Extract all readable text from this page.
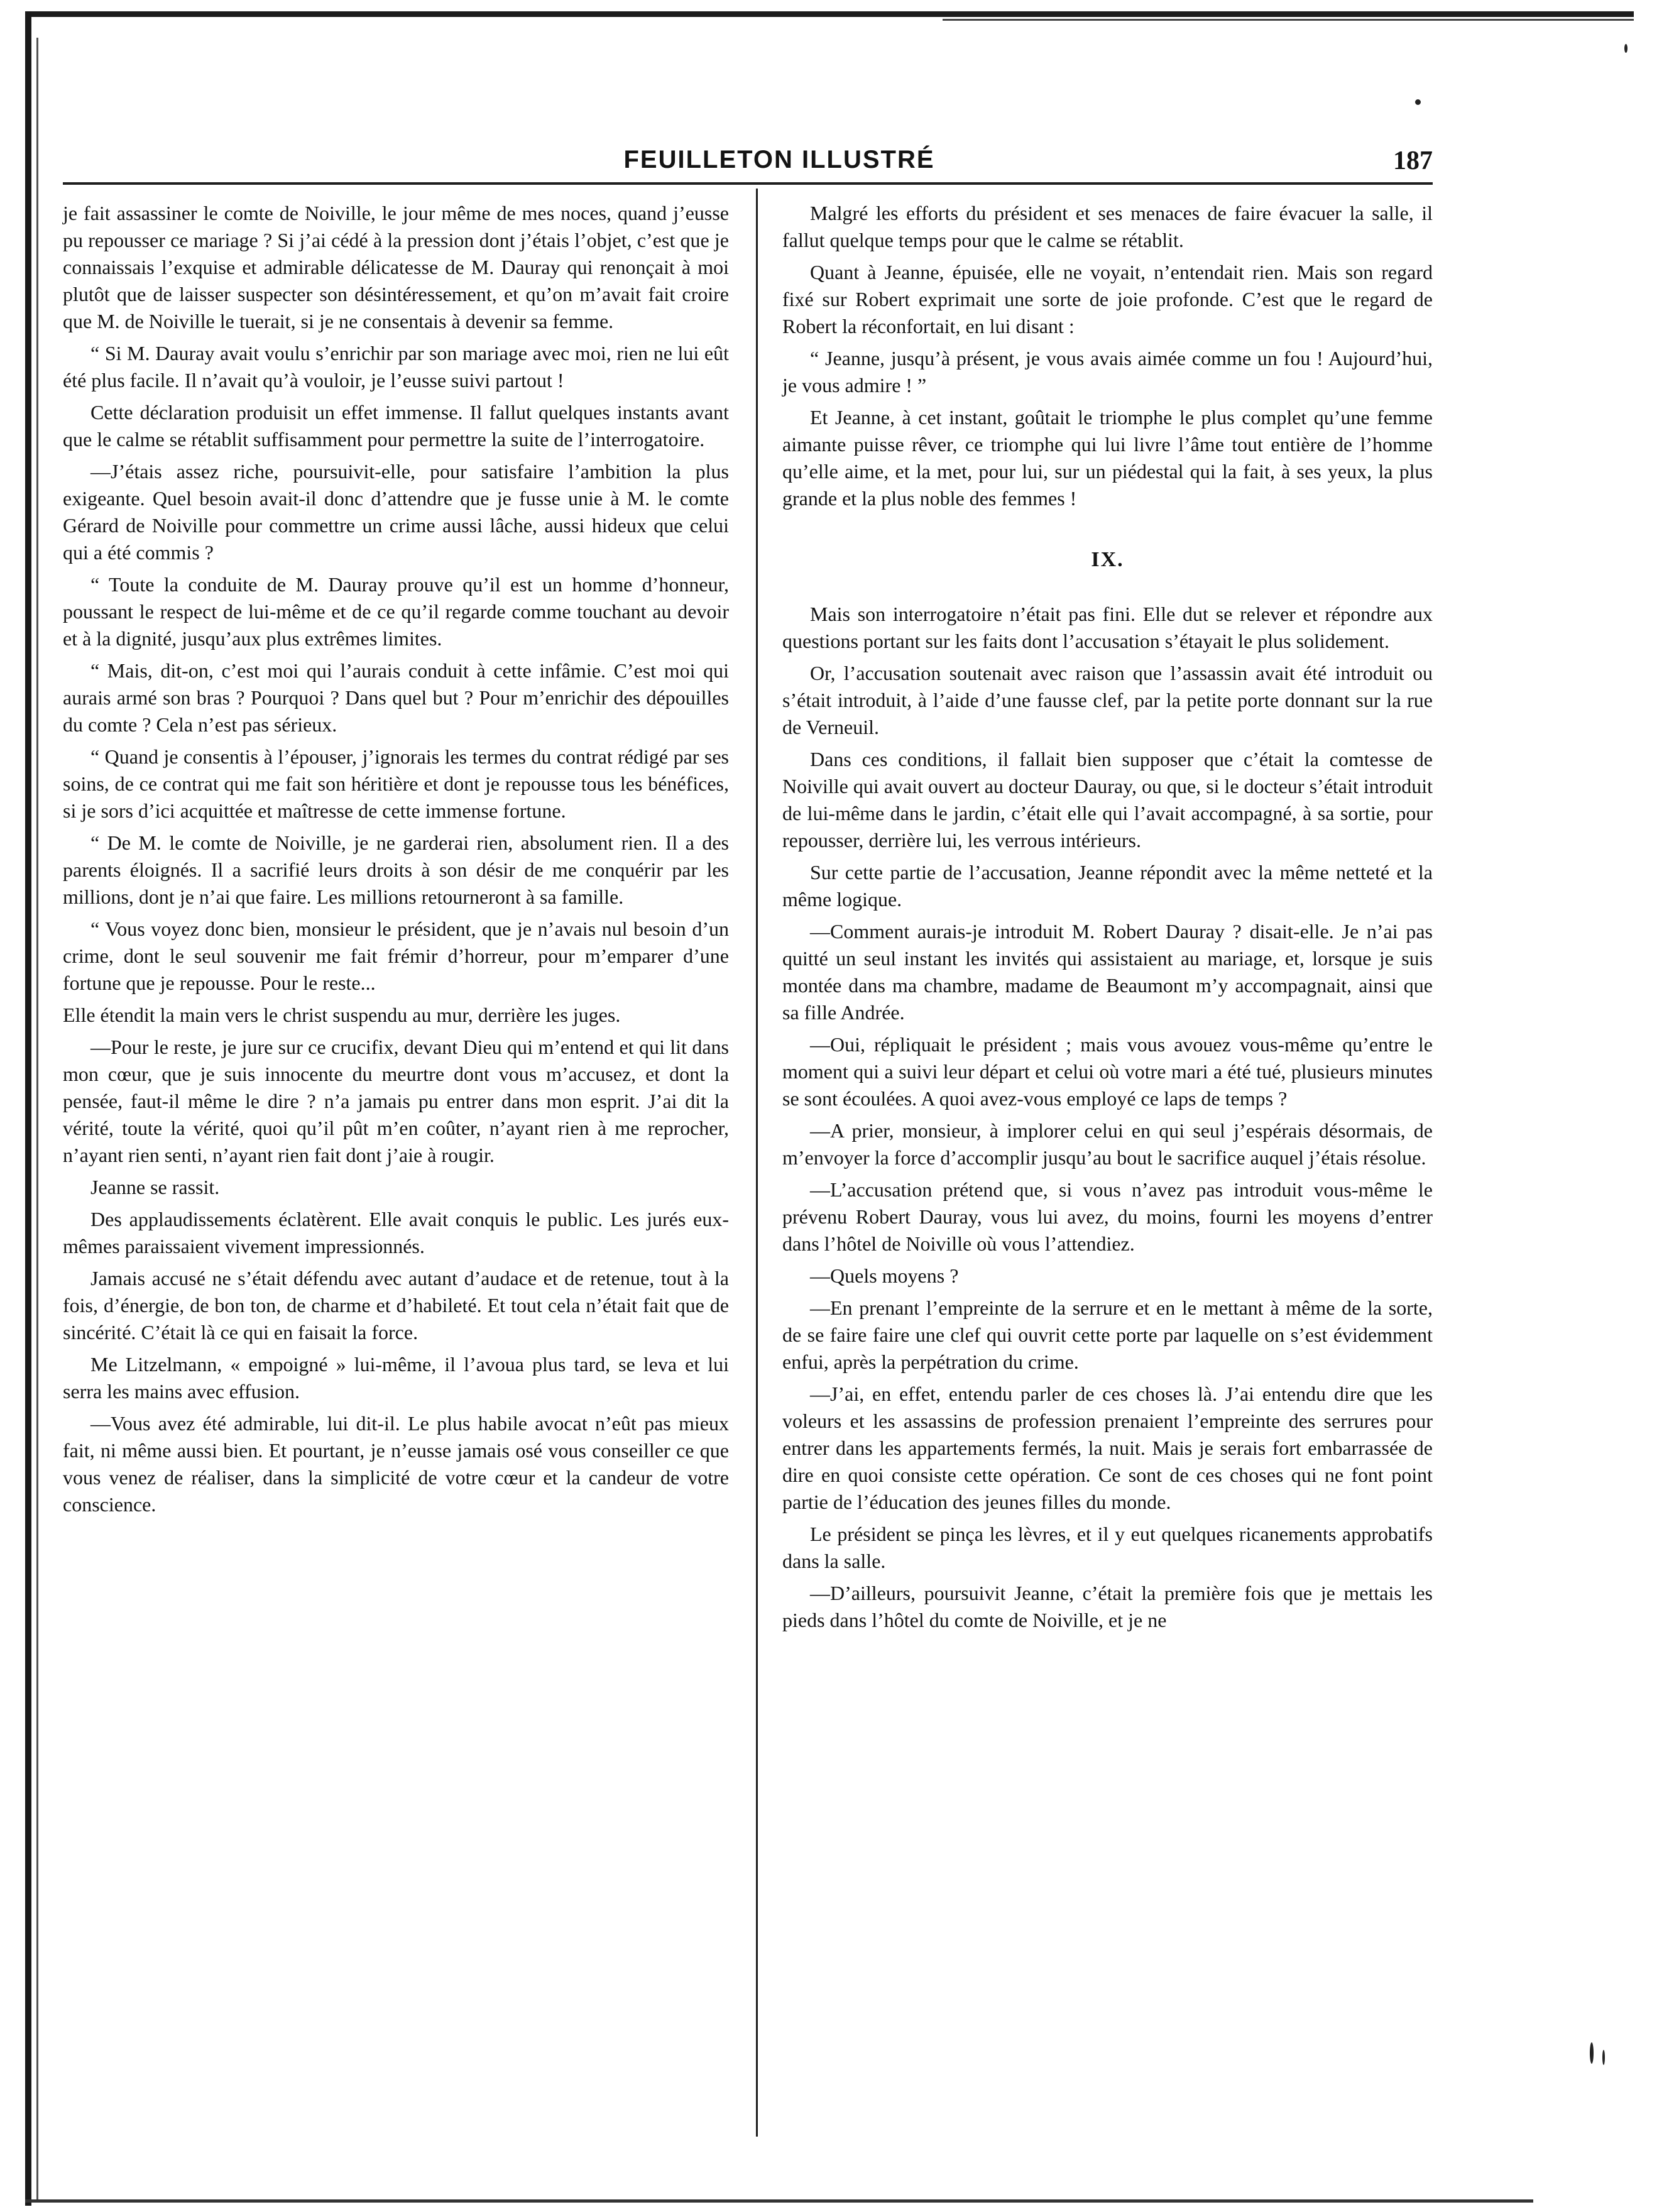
FEUILLETON ILLUSTRÉ	187

je fait assassiner le comte de Noiville, le jour même de mes noces, quand j’eusse pu repousser ce mariage ? Si j’ai cédé à la pression dont j’étais l’objet, c’est que je connaissais l’exquise et admirable délicatesse de M. Dauray qui renonçait à moi plutôt que de laisser suspecter son désintéressement, et qu’on m’avait fait croire que M. de Noiville le tuerait, si je ne consentais à devenir sa femme.

“ Si M. Dauray avait voulu s’enrichir par son mariage avec moi, rien ne lui eût été plus facile. Il n’avait qu’à vouloir, je l’eusse suivi partout !

Cette déclaration produisit un effet immense. Il fallut quelques instants avant que le calme se rétablit suffisamment pour permettre la suite de l’interrogatoire.

—J’étais assez riche, poursuivit-elle, pour satisfaire l’ambition la plus exigeante. Quel besoin avait-il donc d’attendre que je fusse unie à M. le comte Gérard de Noiville pour commettre un crime aussi lâche, aussi hideux que celui qui a été commis ?

“ Toute la conduite de M. Dauray prouve qu’il est un homme d’honneur, poussant le respect de lui-même et de ce qu’il regarde comme touchant au devoir et à la dignité, jusqu’aux plus extrêmes limites.

“ Mais, dit-on, c’est moi qui l’aurais conduit à cette infâmie. C’est moi qui aurais armé son bras ? Pourquoi ? Dans quel but ? Pour m’enrichir des dépouilles du comte ? Cela n’est pas sérieux.

“ Quand je consentis à l’épouser, j’ignorais les termes du contrat rédigé par ses soins, de ce contrat qui me fait son héritière et dont je repousse tous les bénéfices, si je sors d’ici acquittée et maîtresse de cette immense fortune.

“ De M. le comte de Noiville, je ne garderai rien, absolument rien. Il a des parents éloignés. Il a sacrifié leurs droits à son désir de me conquérir par les millions, dont je n’ai que faire. Les millions retourneront à sa famille.

“ Vous voyez donc bien, monsieur le président, que je n’avais nul besoin d’un crime, dont le seul souvenir me fait frémir d’horreur, pour m’emparer d’une fortune que je repousse. Pour le reste...

Elle étendit la main vers le christ suspendu au mur, derrière les juges.

—Pour le reste, je jure sur ce crucifix, devant Dieu qui m’entend et qui lit dans mon cœur, que je suis innocente du meurtre dont vous m’accusez, et dont la pensée, faut-il même le dire ? n’a jamais pu entrer dans mon esprit. J’ai dit la vérité, toute la vérité, quoi qu’il pût m’en coûter, n’ayant rien à me reprocher, n’ayant rien senti, n’ayant rien fait dont j’aie à rougir.

Jeanne se rassit.

Des applaudissements éclatèrent. Elle avait conquis le public. Les jurés eux-mêmes paraissaient vivement impressionnés.

Jamais accusé ne s’était défendu avec autant d’audace et de retenue, tout à la fois, d’énergie, de bon ton, de charme et d’habileté. Et tout cela n’était fait que de sincérité. C’était là ce qui en faisait la force.

Me Litzelmann, « empoigné » lui-même, il l’avoua plus tard, se leva et lui serra les mains avec effusion.

—Vous avez été admirable, lui dit-il. Le plus habile avocat n’eût pas mieux fait, ni même aussi bien. Et pourtant, je n’eusse jamais osé vous conseiller ce que vous venez de réaliser, dans la simplicité de votre cœur et la candeur de votre conscience.

Malgré les efforts du président et ses menaces de faire évacuer la salle, il fallut quelque temps pour que le calme se rétablit.

Quant à Jeanne, épuisée, elle ne voyait, n’entendait rien. Mais son regard fixé sur Robert exprimait une sorte de joie profonde. C’est que le regard de Robert la réconfortait, en lui disant :

“ Jeanne, jusqu’à présent, je vous avais aimée comme un fou ! Aujourd’hui, je vous admire ! ”

Et Jeanne, à cet instant, goûtait le triomphe le plus complet qu’une femme aimante puisse rêver, ce triomphe qui lui livre l’âme tout entière de l’homme qu’elle aime, et la met, pour lui, sur un piédestal qui la fait, à ses yeux, la plus grande et la plus noble des femmes !

IX.

Mais son interrogatoire n’était pas fini. Elle dut se relever et répondre aux questions portant sur les faits dont l’accusation s’étayait le plus solidement.

Or, l’accusation soutenait avec raison que l’assassin avait été introduit ou s’était introduit, à l’aide d’une fausse clef, par la petite porte donnant sur la rue de Verneuil.

Dans ces conditions, il fallait bien supposer que c’était la comtesse de Noiville qui avait ouvert au docteur Dauray, ou que, si le docteur s’était introduit de lui-même dans le jardin, c’était elle qui l’avait accompagné, à sa sortie, pour repousser, derrière lui, les verrous intérieurs.

Sur cette partie de l’accusation, Jeanne répondit avec la même netteté et la même logique.

—Comment aurais-je introduit M. Robert Dauray ? disait-elle. Je n’ai pas quitté un seul instant les invités qui assistaient au mariage, et, lorsque je suis montée dans ma chambre, madame de Beaumont m’y accompagnait, ainsi que sa fille Andrée.

—Oui, répliquait le président ; mais vous avouez vous-même qu’entre le moment qui a suivi leur départ et celui où votre mari a été tué, plusieurs minutes se sont écoulées. A quoi avez-vous employé ce laps de temps ?

—A prier, monsieur, à implorer celui en qui seul j’espérais désormais, de m’envoyer la force d’accomplir jusqu’au bout le sacrifice auquel j’étais résolue.

—L’accusation prétend que, si vous n’avez pas introduit vous-même le prévenu Robert Dauray, vous lui avez, du moins, fourni les moyens d’entrer dans l’hôtel de Noiville où vous l’attendiez.

—Quels moyens ?

—En prenant l’empreinte de la serrure et en le mettant à même de la sorte, de se faire faire une clef qui ouvrit cette porte par laquelle on s’est évidemment enfui, après la perpétration du crime.

—J’ai, en effet, entendu parler de ces choses là. J’ai entendu dire que les voleurs et les assassins de profession prenaient l’empreinte des serrures pour entrer dans les appartements fermés, la nuit. Mais je serais fort embarrassée de dire en quoi consiste cette opération. Ce sont de ces choses qui ne font point partie de l’éducation des jeunes filles du monde.

Le président se pinça les lèvres, et il y eut quelques ricanements approbatifs dans la salle.

—D’ailleurs, poursuivit Jeanne, c’était la première fois que je mettais les pieds dans l’hôtel du comte de Noiville, et je ne
